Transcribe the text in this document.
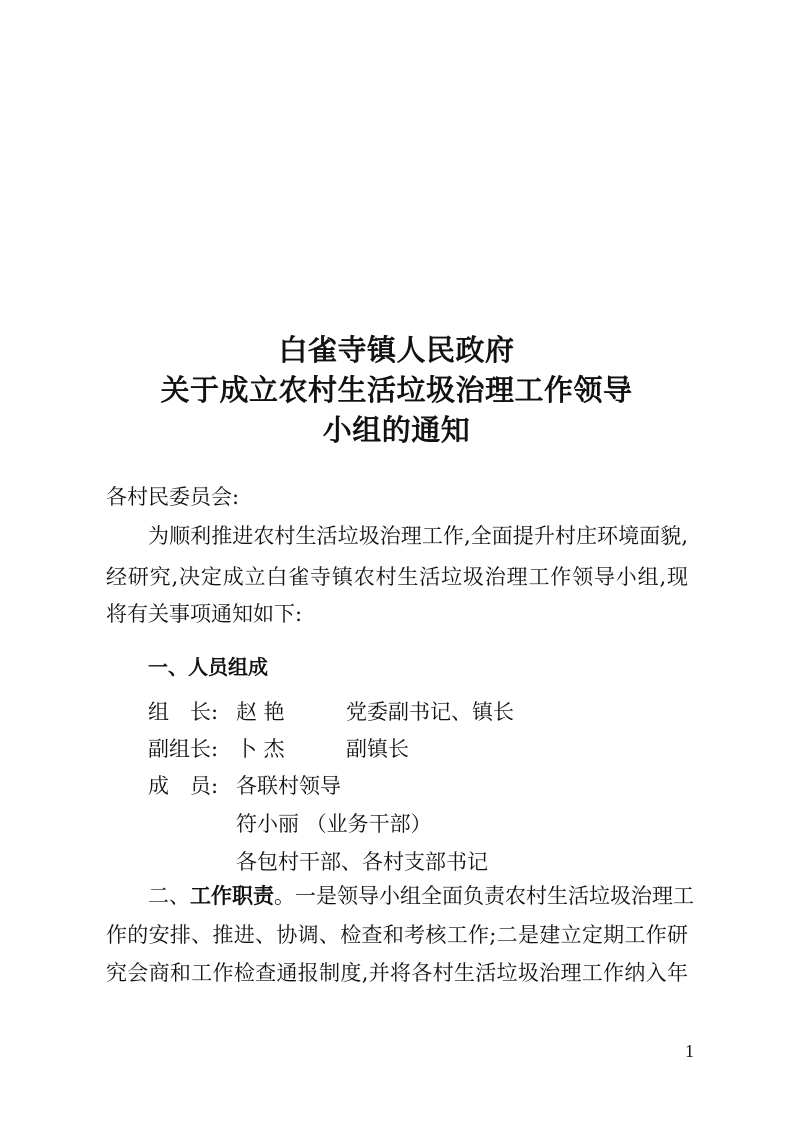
白雀寺镇人民政府
关于成立农村生活垃圾治理工作领导
小组的通知
各村民委员会:
为顺利推进农村生活垃圾治理工作,全面提升村庄环境面貌,
经研究,决定成立白雀寺镇农村生活垃圾治理工作领导小组,现
将有关事项通知如下:
一、人员组成
组　长: 赵 艳	党委副书记、镇长
副组长: 卜 杰	副镇长
成　员: 各联村领导
符小丽 （业务干部）
各包村干部、各村支部书记
二、工作职责。一是领导小组全面负责农村生活垃圾治理工
作的安排、推进、协调、检查和考核工作;二是建立定期工作研
究会商和工作检查通报制度,并将各村生活垃圾治理工作纳入年
1
